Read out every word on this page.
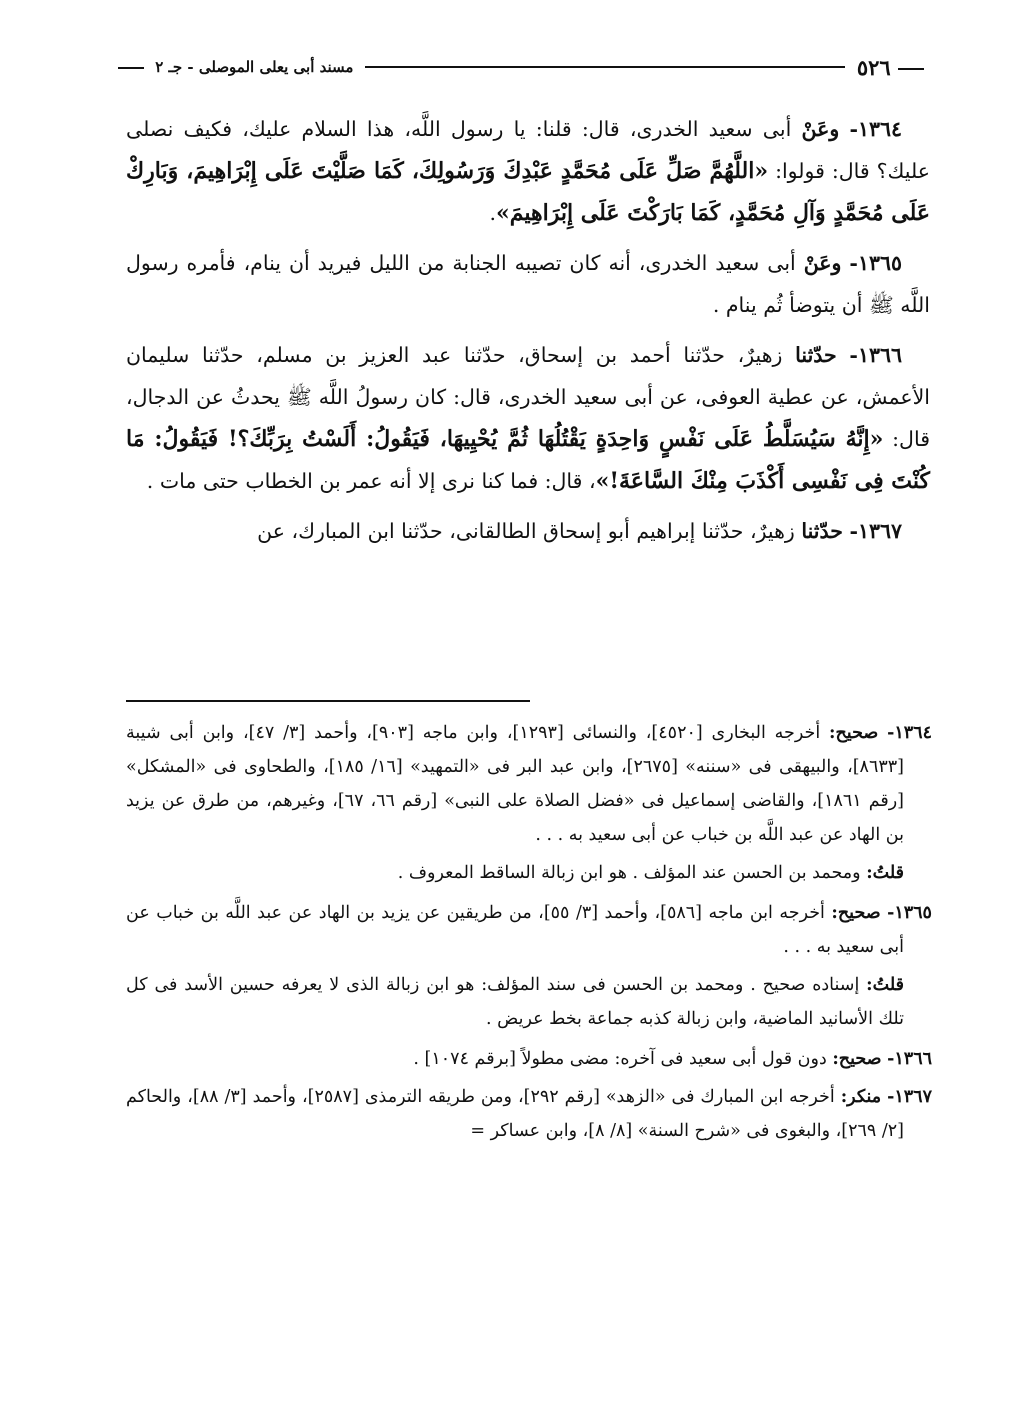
٥٢٦
مسند أبى يعلى الموصلى - جـ ٢

١٣٦٤- وعَنْ أبى سعيد الخدرى، قال: قلنا: يا رسول اللَّه، هذا السلام عليك، فكيف نصلى عليك؟ قال: قولوا: «اللَّهُمَّ صَلِّ عَلَى مُحَمَّدٍ عَبْدِكَ وَرَسُولِكَ، كَمَا صَلَّيْتَ عَلَى إِبْرَاهِيمَ، وَبَارِكْ عَلَى مُحَمَّدٍ وَآلِ مُحَمَّدٍ، كَمَا بَارَكْتَ عَلَى إِبْرَاهِيمَ».

١٣٦٥- وعَنْ أبى سعيد الخدرى، أنه كان تصيبه الجنابة من الليل فيريد أن ينام، فأمره رسول اللَّه ﷺ أن يتوضأ ثُم ينام .

١٣٦٦- حدّثنا زهيرٌ، حدّثنا أحمد بن إسحاق، حدّثنا عبد العزيز بن مسلم، حدّثنا سليمان الأعمش، عن عطية العوفى، عن أبى سعيد الخدرى، قال: كان رسولُ اللَّه ﷺ يحدثُ عن الدجال، قال: «إِنَّهُ سَيُسَلَّطُ عَلَى نَفْسٍ وَاحِدَةٍ يَقْتُلُهَا ثُمَّ يُحْيِيهَا، فَيَقُولُ: أَلَسْتُ بِرَبِّكَ؟! فَيَقُولُ: مَا كُنْتَ فِى نَفْسِى أَكْذَبَ مِنْكَ السَّاعَةَ!»، قال: فما كنا نرى إلا أنه عمر بن الخطاب حتى مات .

١٣٦٧- حدّثنا زهيرٌ، حدّثنا إبراهيم أبو إسحاق الطالقانى، حدّثنا ابن المبارك، عن

١٣٦٤- صحيح: أخرجه البخارى [٤٥٢٠]، والنسائى [١٢٩٣]، وابن ماجه [٩٠٣]، وأحمد [٣/ ٤٧]، وابن أبى شيبة [٨٦٣٣]، والبيهقى فى «سننه» [٢٦٧٥]، وابن عبد البر فى «التمهيد» [١٦/ ١٨٥]، والطحاوى فى «المشكل» [رقم ١٨٦١]، والقاضى إسماعيل فى «فضل الصلاة على النبى» [رقم ٦٦، ٦٧]، وغيرهم، من طرق عن يزيد بن الهاد عن عبد اللَّه بن خباب عن أبى سعيد به . . .

قلتُ: ومحمد بن الحسن عند المؤلف . هو ابن زبالة الساقط المعروف .

١٣٦٥- صحيح: أخرجه ابن ماجه [٥٨٦]، وأحمد [٣/ ٥٥]، من طريقين عن يزيد بن الهاد عن عبد اللَّه بن خباب عن أبى سعيد به . . .

قلتُ: إسناده صحيح . ومحمد بن الحسن فى سند المؤلف: هو ابن زبالة الذى لا يعرفه حسين الأسد فى كل تلك الأسانيد الماضية، وابن زبالة كذبه جماعة بخط عريض .

١٣٦٦- صحيح: دون قول أبى سعيد فى آخره: مضى مطولاً [برقم ١٠٧٤] .

١٣٦٧- منكر: أخرجه ابن المبارك فى «الزهد» [رقم ٢٩٢]، ومن طريقه الترمذى [٢٥٨٧]، وأحمد [٣/ ٨٨]، والحاكم [٢/ ٢٦٩]، والبغوى فى «شرح السنة» [٨/ ٨]، وابن عساكر =
